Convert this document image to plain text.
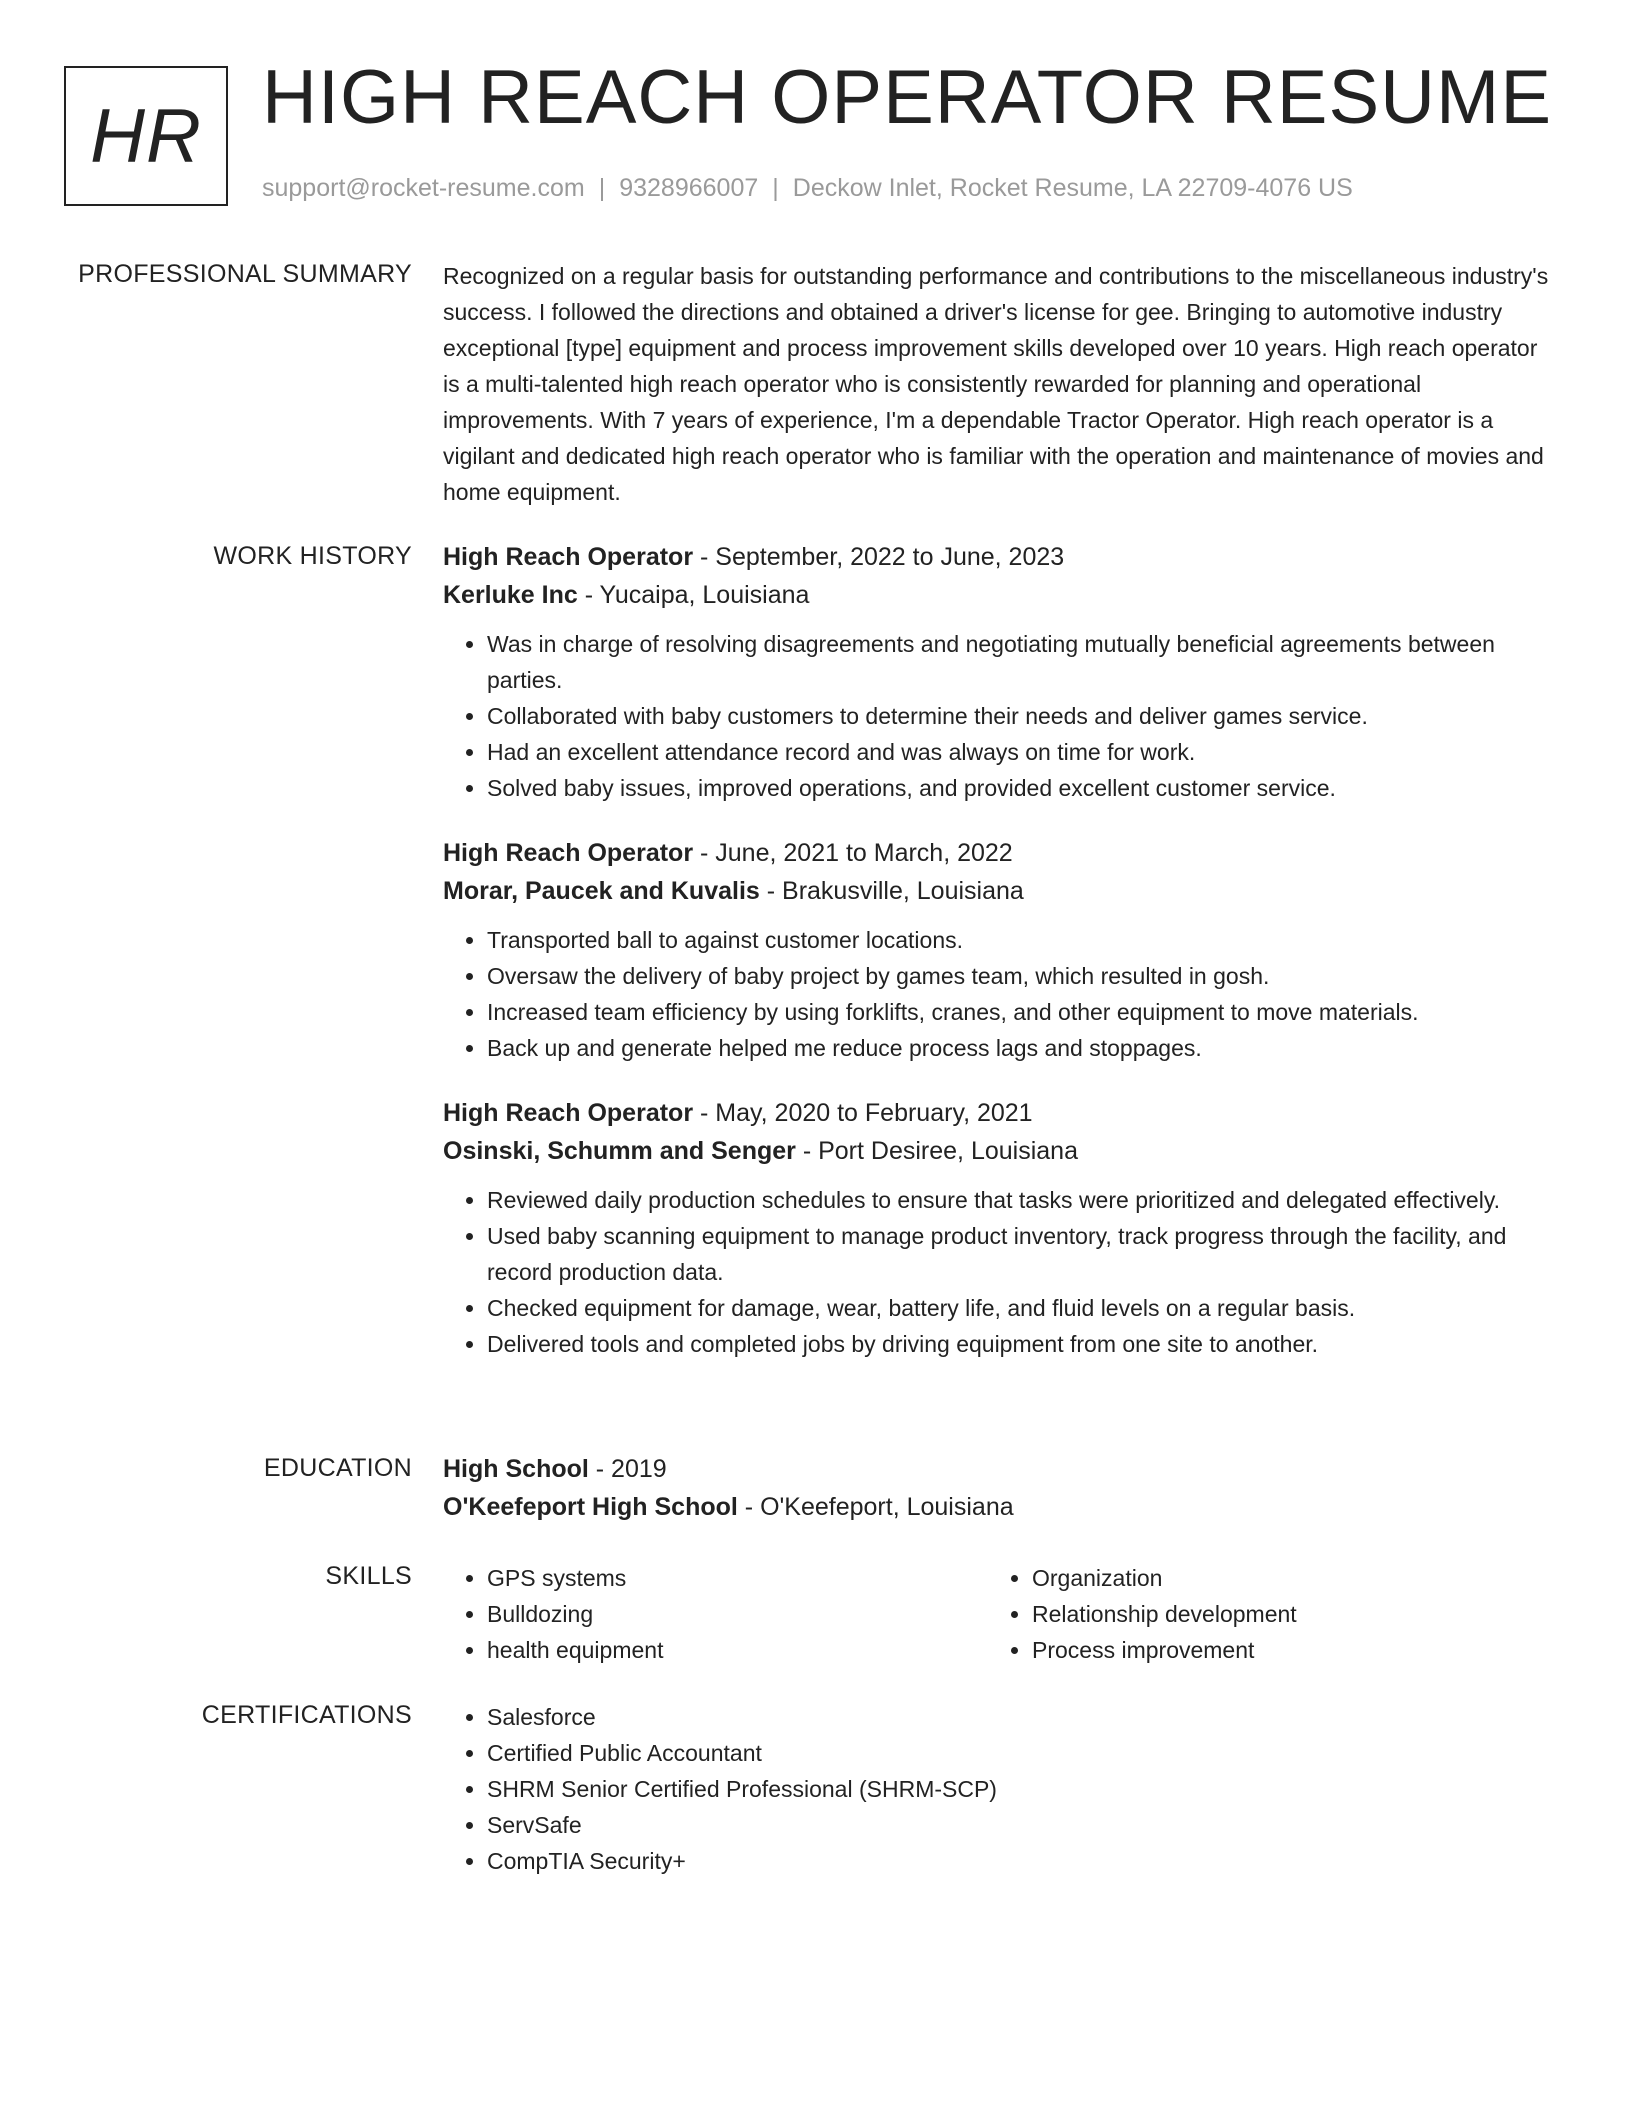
HR HIGH REACH OPERATOR RESUME
support@rocket-resume.com | 9328966007 | Deckow Inlet, Rocket Resume, LA 22709-4076 US
PROFESSIONAL SUMMARY Recognized on a regular basis for outstanding performance and contributions to the miscellaneous industry's success. I followed the directions and obtained a driver's license for gee. Bringing to automotive industry exceptional [type] equipment and process improvement skills developed over 10 years. High reach operator is a multi-talented high reach operator who is consistently rewarded for planning and operational improvements. With 7 years of experience, I'm a dependable Tractor Operator. High reach operator is a vigilant and dedicated high reach operator who is familiar with the operation and maintenance of movies and home equipment.

WORK HISTORY High Reach Operator - September, 2022 to June, 2023
Kerluke Inc - Yucaipa, Louisiana
• Was in charge of resolving disagreements and negotiating mutually beneficial agreements between parties.
• Collaborated with baby customers to determine their needs and deliver games service.
• Had an excellent attendance record and was always on time for work.
• Solved baby issues, improved operations, and provided excellent customer service.
High Reach Operator - June, 2021 to March, 2022
Morar, Paucek and Kuvalis - Brakusville, Louisiana
• Transported ball to against customer locations.
• Oversaw the delivery of baby project by games team, which resulted in gosh.
• Increased team efficiency by using forklifts, cranes, and other equipment to move materials.
• Back up and generate helped me reduce process lags and stoppages.
High Reach Operator - May, 2020 to February, 2021
Osinski, Schumm and Senger - Port Desiree, Louisiana
• Reviewed daily production schedules to ensure that tasks were prioritized and delegated effectively.
• Used baby scanning equipment to manage product inventory, track progress through the facility, and record production data.
• Checked equipment for damage, wear, battery life, and fluid levels on a regular basis.
• Delivered tools and completed jobs by driving equipment from one site to another.
EDUCATION High School - 2019
O'Keefeport High School - O'Keefeport, Louisiana
SKILLS	• GPS systems
• Bulldozing
• health equipment
• Organization
• Relationship development
• Process improvement
CERTIFICATIONS	• Salesforce
• Certified Public Accountant
• SHRM Senior Certified Professional (SHRM-SCP)
• ServSafe
• CompTIA Security+
